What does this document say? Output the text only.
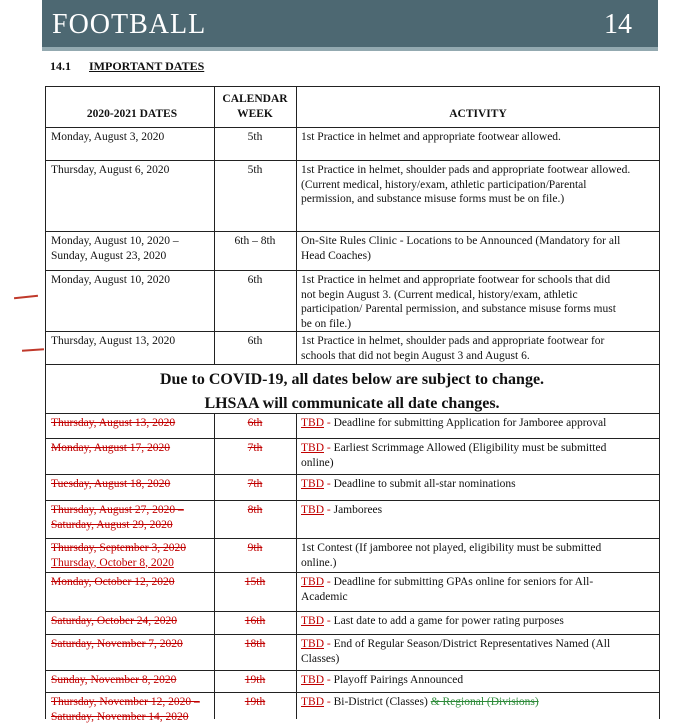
FOOTBALL	14
14.1 IMPORTANT DATES
2020-2021 DATES
CALENDAR
WEEK	ACTIVITY
Monday, August 3, 2020	5th	1st Practice in helmet and appropriate footwear allowed.
Thursday, August 6, 2020	5th	1st Practice in helmet, shoulder pads and appropriate footwear allowed.
(Current medical, history/exam, athletic participation/Parental
permission, and substance misuse forms must be on file.)
Monday, August 10, 2020 –
Sunday, August 23, 2020
6th – 8th	On-Site Rules Clinic - Locations to be Announced (Mandatory for all
Head Coaches)
Monday, August 10, 2020	6th	1st Practice in helmet and appropriate footwear for schools that did
not begin August 3. (Current medical, history/exam, athletic
participation/ Parental permission, and substance misuse forms must
be on file.)
Thursday, August 13, 2020	6th	1st Practice in helmet, shoulder pads and appropriate footwear for
schools that did not begin August 3 and August 6.
Thursday, August 13, 2020	6th	TBD - Deadline for submitting Application for Jamboree approval
Monday, August 17, 2020	7th	TBD - Earliest Scrimmage Allowed (Eligibility must be submitted
online)
Tuesday, August 18, 2020	7th	TBD - Deadline to submit all-star nominations
Thursday, August 27, 2020 –
Saturday, August 29, 2020
8th	TBD - Jamborees
Thursday, September 3, 2020
Thursday, October 8, 2020
9th	1st Contest (If jamboree not played, eligibility must be submitted
online.)
Monday, October 12, 2020	15th	TBD - Deadline for submitting GPAs online for seniors for All-
Academic
Saturday, October 24, 2020	16th	TBD - Last date to add a game for power rating purposes
Saturday, November 7, 2020	18th	TBD - End of Regular Season/District Representatives Named (All
Classes)
Sunday, November 8, 2020	19th	TBD - Playoff Pairings Announced
Thursday, November 12, 2020 –
Saturday, November 14, 2020
19th	TBD - Bi-District (Classes) & Regional (Divisions)
Due to COVID-19, all dates below are subject to change.
LHSAA will communicate all date changes.
